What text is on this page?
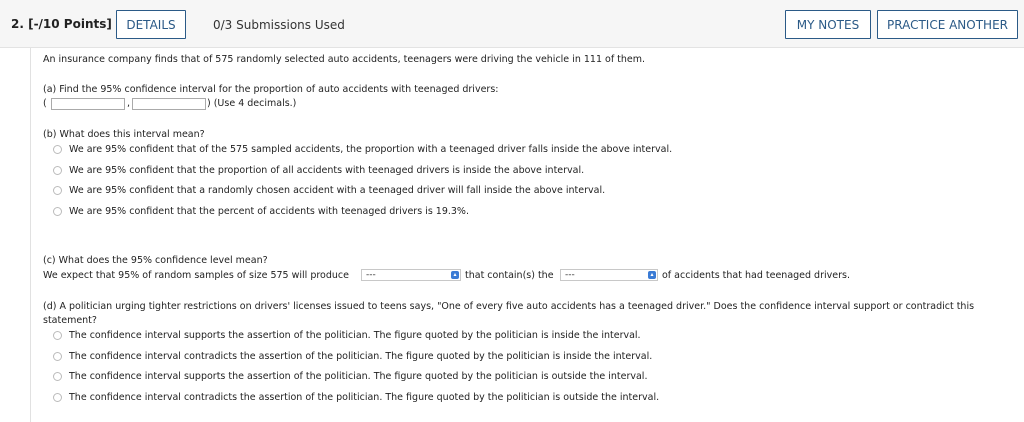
2. [-/10 Points]	DETAILS	0/3 Submissions Used	MY NOTES	PRACTICE ANOTHER
An insurance company finds that of 575 randomly selected auto accidents, teenagers were driving the vehicle in 111 of them.
(a) Find the 95% confidence interval for the proportion of auto accidents with teenaged drivers:
(	,	) (Use 4 decimals.)
(b) What does this interval mean?
We are 95% confident that of the 575 sampled accidents, the proportion with a teenaged driver falls inside the above interval.
We are 95% confident that the proportion of all accidents with teenaged drivers is inside the above interval.
We are 95% confident that a randomly chosen accident with a teenaged driver will fall inside the above interval.
We are 95% confident that the percent of accidents with teenaged drivers is 19.3%.
(c) What does the 95% confidence level mean?
We expect that 95% of random samples of size 575 will produce ---	▴︎ that contain(s) the ---	▴︎ of accidents that had teenaged drivers.
(d) A politician urging tighter restrictions on drivers' licenses issued to teens says, "One of every five auto accidents has a teenaged driver." Does the confidence interval support or contradict this
statement?
The confidence interval supports the assertion of the politician. The figure quoted by the politician is inside the interval.
The confidence interval contradicts the assertion of the politician. The figure quoted by the politician is inside the interval.
The confidence interval supports the assertion of the politician. The figure quoted by the politician is outside the interval.
The confidence interval contradicts the assertion of the politician. The figure quoted by the politician is outside the interval.
